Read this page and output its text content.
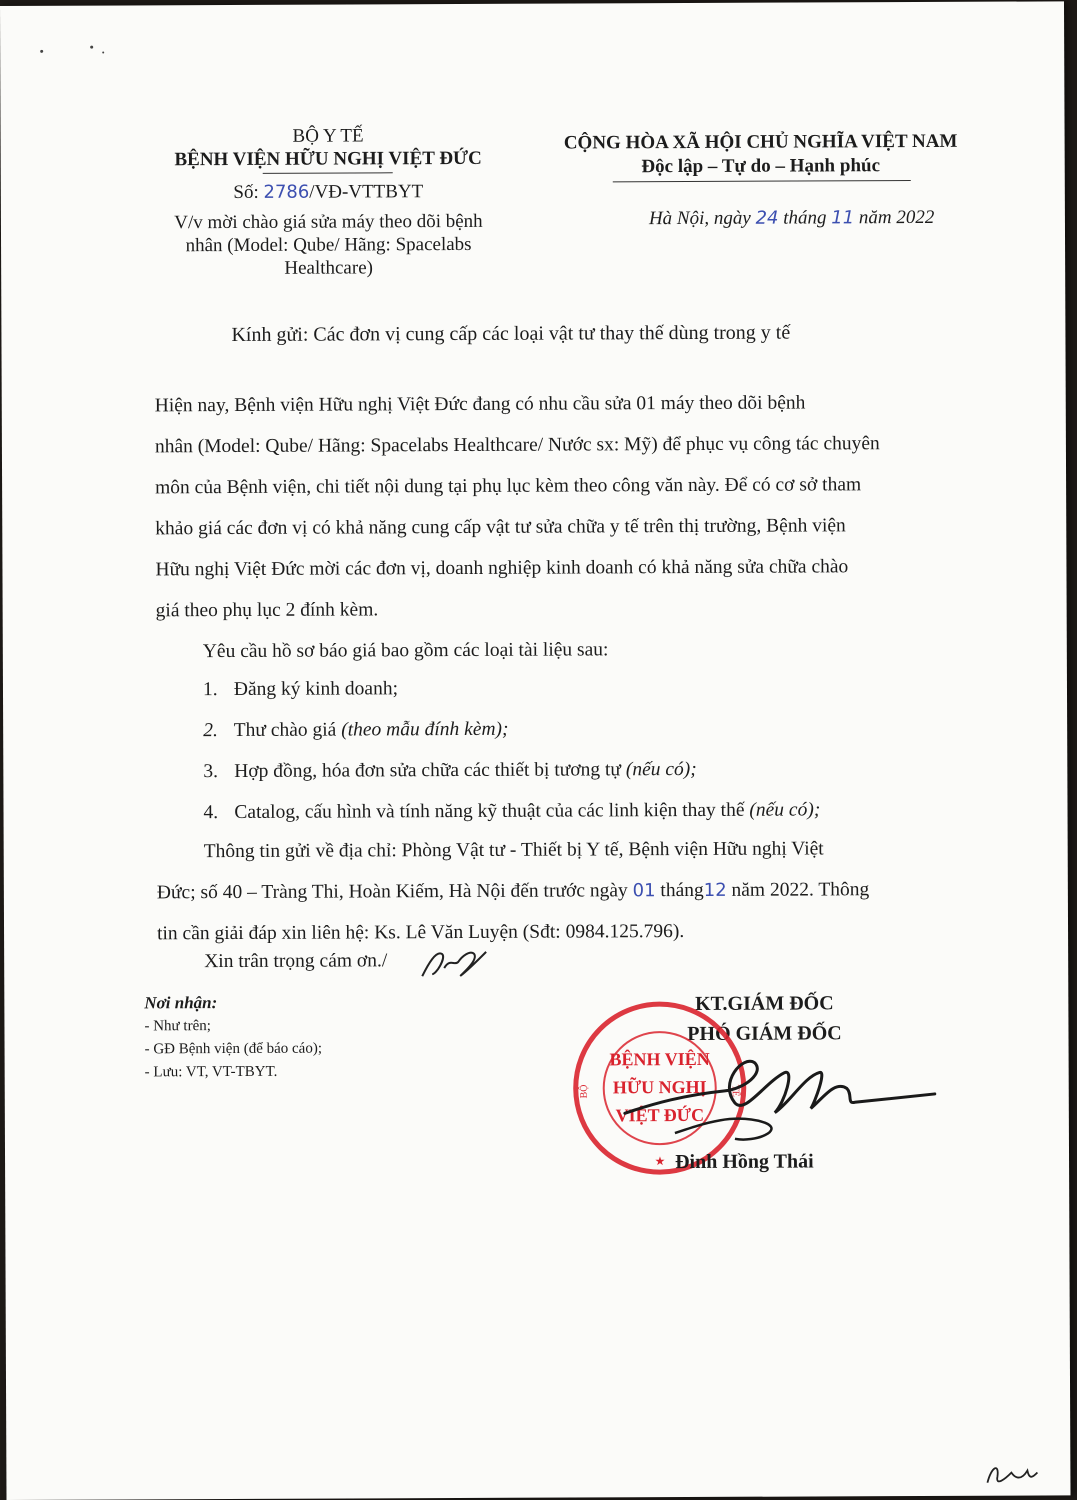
BỘ Y TẾ
BỆNH VIỆN HỮU NGHỊ VIỆT ĐỨC
Số: 2786/VĐ-VTTBYT
V/v mời chào giá sửa máy theo dõi bệnh
nhân (Model: Qube/ Hãng: Spacelabs
Healthcare)
CỘNG HÒA XÃ HỘI CHỦ NGHĨA VIỆT NAM
Độc lập – Tự do – Hạnh phúc
Hà Nội, ngày 24 tháng 11 năm 2022
Kính gửi: Các đơn vị cung cấp các loại vật tư thay thế dùng trong y tế
Hiện nay, Bệnh viện Hữu nghị Việt Đức đang có nhu cầu sửa 01 máy theo dõi bệnh
nhân (Model: Qube/ Hãng: Spacelabs Healthcare/ Nước sx: Mỹ) để phục vụ công tác chuyên
môn của Bệnh viện, chi tiết nội dung tại phụ lục kèm theo công văn này. Để có cơ sở tham
khảo giá các đơn vị có khả năng cung cấp vật tư sửa chữa y tế trên thị trường, Bệnh viện
Hữu nghị Việt Đức mời các đơn vị, doanh nghiệp kinh doanh có khả năng sửa chữa chào
giá theo phụ lục 2 đính kèm.
Yêu cầu hồ sơ báo giá bao gồm các loại tài liệu sau:
1. Đăng ký kinh doanh;
2. Thư chào giá (theo mẫu đính kèm);
3. Hợp đồng, hóa đơn sửa chữa các thiết bị tương tự (nếu có);
4. Catalog, cấu hình và tính năng kỹ thuật của các linh kiện thay thế (nếu có);
Thông tin gửi về địa chỉ: Phòng Vật tư - Thiết bị Y tế, Bệnh viện Hữu nghị Việt
Đức; số 40 – Tràng Thi, Hoàn Kiếm, Hà Nội đến trước ngày 01 tháng12 năm 2022. Thông
tin cần giải đáp xin liên hệ: Ks. Lê Văn Luyện (Sđt: 0984.125.796).
Xin trân trọng cám ơn./
Nơi nhận:
- Như trên;
- GĐ Bệnh viện (để báo cáo);
- Lưu: VT, VT-TBYT.
KT.GIÁM ĐỐC
PHÓ GIÁM ĐỐC
BỆNH VIỆN
HỮU NGHỊ
VIỆT ĐỨC
BỘ	TẾ
★ Đinh Hồng Thái
